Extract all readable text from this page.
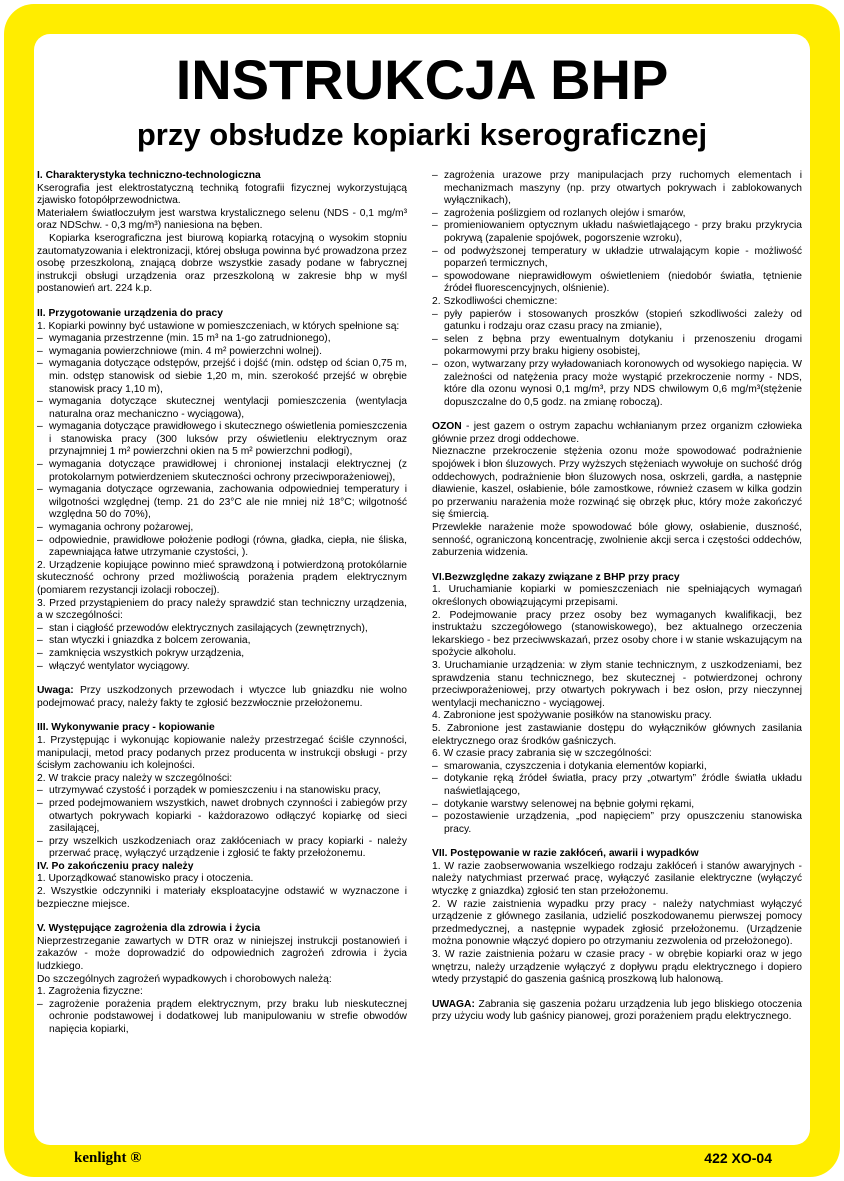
INSTRUKCJA BHP
przy obsłudze kopiarki kserograficznej

I. Charakterystyka techniczno-technologiczna

Kserografia jest elektrostatyczną techniką fotografii fizycznej wykorzystującą zjawisko fotopółprzewodnictwa.

Materiałem światłoczułym jest warstwa krystalicznego selenu (NDS - 0,1 mg/m³ oraz NDSchw. - 0,3 mg/m³) naniesiona na bęben.

Kopiarka kserograficzna jest biurową kopiarką rotacyjną o wysokim stopniu zautomatyzowania i elektronizacji, której obsługa powinna być prowadzona przez osobę przeszkoloną, znającą dobrze wszystkie zasady podane w fabrycznej instrukcji obsługi urządzenia oraz przeszkoloną w zakresie bhp w myśl postanowień art. 224 k.p.

II. Przygotowanie urządzenia do pracy

1. Kopiarki powinny być ustawione w pomieszczeniach, w których spełnione są:

– wymagania przestrzenne (min. 15 m³ na 1-go zatrudnionego),

– wymagania powierzchniowe (min. 4 m² powierzchni wolnej).

– wymagania dotyczące odstępów, przejść i dojść (min. odstęp od ścian 0,75 m, min. odstęp stanowisk od siebie 1,20 m, min. szerokość przejść w obrębie stanowisk pracy 1,10 m),

– wymagania dotyczące skutecznej wentylacji pomieszczenia (wentylacja naturalna oraz mechaniczno - wyciągowa),

– wymagania dotyczące prawidłowego i skutecznego oświetlenia pomieszczenia i stanowiska pracy (300 luksów przy oświetleniu elektrycznym oraz przynajmniej 1 m² powierzchni okien na 5 m² powierzchni podłogi),

– wymagania dotyczące prawidłowej i chronionej instalacji elektrycznej (z protokolarnym potwierdzeniem skuteczności ochrony przeciwporażeniowej),

– wymagania dotyczące ogrzewania, zachowania odpowiedniej temperatury i wilgotności względnej (temp. 21 do 23°C ale nie mniej niż 18°C; wilgotność względna 50 do 70%),

– wymagania ochrony pożarowej,

– odpowiednie, prawidłowe położenie podłogi (równa, gładka, ciepła, nie śliska, zapewniająca łatwe utrzymanie czystości, ).

2. Urządzenie kopiujące powinno mieć sprawdzoną i potwierdzoną protokólarnie skuteczność ochrony przed możliwością porażenia prądem elektrycznym (pomiarem rezystancji izolacji roboczej).

3. Przed przystąpieniem do pracy należy sprawdzić stan techniczny urządzenia, a w szczególności:

– stan i ciągłość przewodów elektrycznych zasilających (zewnętrznych),

– stan wtyczki i gniazdka z bolcem zerowania,

– zamknięcia wszystkich pokryw urządzenia,

– włączyć wentylator wyciągowy.

Uwaga: Przy uszkodzonych przewodach i wtyczce lub gniazdku nie wolno podejmować pracy, należy fakty te zgłosić bezzwłocznie przełożonemu.

III. Wykonywanie pracy - kopiowanie

1. Przystępując i wykonując kopiowanie należy przestrzegać ściśle czynności, manipulacji, metod pracy podanych przez producenta w instrukcji obsługi - przy ścisłym zachowaniu ich kolejności.

2. W trakcie pracy należy w szczególności:

– utrzymywać czystość i porządek w pomieszczeniu i na stanowisku pracy,

– przed podejmowaniem wszystkich, nawet drobnych czynności i zabiegów przy otwartych pokrywach kopiarki - każdorazowo odłączyć kopiarkę od sieci zasilającej,

– przy wszelkich uszkodzeniach oraz zakłóceniach w pracy kopiarki - należy przerwać pracę, wyłączyć urządzenie i zgłosić te fakty przełożonemu.

IV. Po zakończeniu pracy należy

1. Uporządkować stanowisko pracy i otoczenia.

2. Wszystkie odczynniki i materiały eksploatacyjne odstawić w wyznaczone i bezpieczne miejsce.

V. Występujące zagrożenia dla zdrowia i życia

Nieprzestrzeganie zawartych w DTR oraz w niniejszej instrukcji postanowień i zakazów - może doprowadzić do odpowiednich zagrożeń zdrowia i życia ludzkiego.

Do szczególnych zagrożeń wypadkowych i chorobowych należą:

1. Zagrożenia fizyczne:

– zagrożenie porażenia prądem elektrycznym, przy braku lub nieskutecznej ochronie podstawowej i dodatkowej lub manipulowaniu w strefie obwodów napięcia kopiarki,

– zagrożenia urazowe przy manipulacjach przy ruchomych elementach i mechanizmach maszyny (np. przy otwartych pokrywach i zablokowanych wyłącznikach),

– zagrożenia poślizgiem od rozlanych olejów i smarów,

– promieniowaniem optycznym układu naświetlającego - przy braku przykrycia pokrywą (zapalenie spojówek, pogorszenie wzroku),

– od podwyższonej temperatury w układzie utrwalającym kopie - możliwość poparzeń termicznych,

– spowodowane nieprawidłowym oświetleniem (niedobór światła, tętnienie źródeł fluorescencyjnych, olśnienie).

2. Szkodliwości chemiczne:

– pyły papierów i stosowanych proszków (stopień szkodliwości zależy od gatunku i rodzaju oraz czasu pracy na zmianie),

– selen z bębna przy ewentualnym dotykaniu i przenoszeniu drogami pokarmowymi przy braku higieny osobistej,

– ozon, wytwarzany przy wyładowaniach koronowych od wysokiego napięcia. W zależności od natężenia pracy może wystąpić przekroczenie normy - NDS, które dla ozonu wynosi 0,1 mg/m³, przy NDS chwilowym 0,6 mg/m³(stężenie dopuszczalne do 0,5 godz. na zmianę roboczą).

OZON - jest gazem o ostrym zapachu wchłanianym przez organizm człowieka głównie przez drogi oddechowe.

Nieznaczne przekroczenie stężenia ozonu może spowodować podrażnienie spojówek i błon śluzowych. Przy wyższych stężeniach wywołuje on suchość dróg oddechowych, podrażnienie błon śluzowych nosa, oskrzeli, gardła, a następnie dławienie, kaszel, osłabienie, bóle zamostkowe, również czasem w kilka godzin po przerwaniu narażenia może rozwinąć się obrzęk płuc, który może zakończyć się śmiercią.

Przewlekłe narażenie może spowodować bóle głowy, osłabienie, duszność, senność, ograniczoną koncentrację, zwolnienie akcji serca i częstości oddechów, zaburzenia widzenia.

VI.Bezwzględne zakazy związane z BHP przy pracy

1. Uruchamianie kopiarki w pomieszczeniach nie spełniających wymagań określonych obowiązującymi przepisami.

2. Podejmowanie pracy przez osoby bez wymaganych kwalifikacji, bez instruktażu szczegółowego (stanowiskowego), bez aktualnego orzeczenia lekarskiego - bez przeciwwskazań, przez osoby chore i w stanie wskazującym na spożycie alkoholu.

3. Uruchamianie urządzenia: w złym stanie technicznym, z uszkodzeniami, bez sprawdzenia stanu technicznego, bez skutecznej - potwierdzonej ochrony przeciwporażeniowej, przy otwartych pokrywach i bez osłon, przy nieczynnej wentylacji mechaniczno - wyciągowej.

4. Zabronione jest spożywanie posiłków na stanowisku pracy.

5. Zabronione jest zastawianie dostępu do wyłączników głównych zasilania elektrycznego oraz środków gaśniczych.

6. W czasie pracy zabrania się w szczególności:

– smarowania, czyszczenia i dotykania elementów kopiarki,

– dotykanie ręką źródeł światła, pracy przy „otwartym” źródle światła układu naświetlającego,

– dotykanie warstwy selenowej na bębnie gołymi rękami,

– pozostawienie urządzenia, „pod napięciem” przy opuszczeniu stanowiska pracy.

VII. Postępowanie w razie zakłóceń, awarii i wypadków

1. W razie zaobserwowania wszelkiego rodzaju zakłóceń i stanów awaryjnych - należy natychmiast przerwać pracę, wyłączyć zasilanie elektryczne (wyłączyć wtyczkę z gniazdka) zgłosić ten stan przełożonemu.

2. W razie zaistnienia wypadku przy pracy - należy natychmiast wyłączyć urządzenie z głównego zasilania, udzielić poszkodowanemu pierwszej pomocy przedmedycznej, a następnie wypadek zgłosić przełożonemu. (Urządzenie można ponownie włączyć dopiero po otrzymaniu zezwolenia od przełożonego).

3. W razie zaistnienia pożaru w czasie pracy - w obrębie kopiarki oraz w jego wnętrzu, należy urządzenie wyłączyć z dopływu prądu elektrycznego i dopiero wtedy przystąpić do gaszenia gaśnicą proszkową lub halonową.

UWAGA: Zabrania się gaszenia pożaru urządzenia lub jego bliskiego otoczenia przy użyciu wody lub gaśnicy pianowej, grozi porażeniem prądu elektrycznego.

kenlight ®	422 XO-04
